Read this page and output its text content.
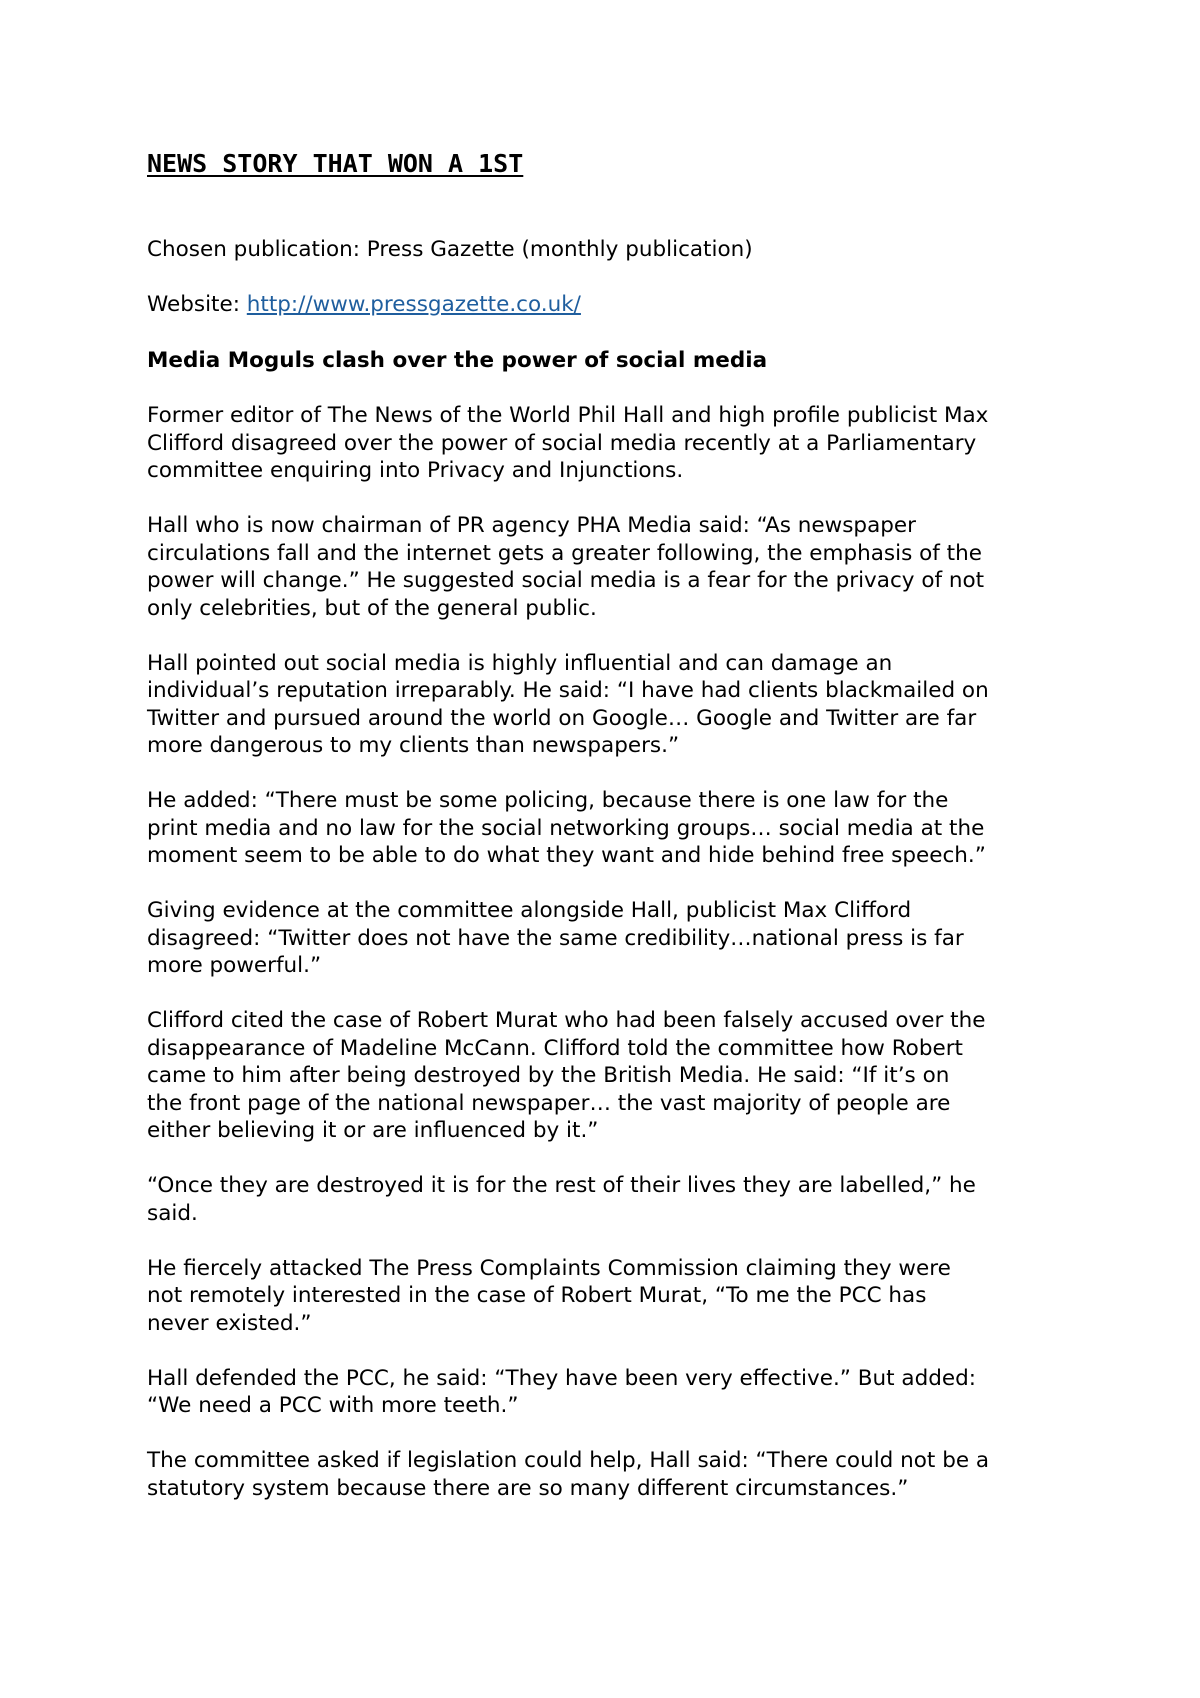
NEWS STORY THAT WON A 1ST

Chosen publication: Press Gazette (monthly publication)

Website: http://www.pressgazette.co.uk/

Media Moguls clash over the power of social media

Former editor of The News of the World Phil Hall and high profile publicist Max
Clifford disagreed over the power of social media recently at a Parliamentary
committee enquiring into Privacy and Injunctions.

Hall who is now chairman of PR agency PHA Media said: “As newspaper
circulations fall and the internet gets a greater following, the emphasis of the
power will change.” He suggested social media is a fear for the privacy of not
only celebrities, but of the general public.

Hall pointed out social media is highly influential and can damage an
individual’s reputation irreparably. He said: “I have had clients blackmailed on
Twitter and pursued around the world on Google… Google and Twitter are far
more dangerous to my clients than newspapers.”

He added: “There must be some policing, because there is one law for the
print media and no law for the social networking groups… social media at the
moment seem to be able to do what they want and hide behind free speech.”

Giving evidence at the committee alongside Hall, publicist Max Clifford
disagreed: “Twitter does not have the same credibility…national press is far
more powerful.”

Clifford cited the case of Robert Murat who had been falsely accused over the
disappearance of Madeline McCann. Clifford told the committee how Robert
came to him after being destroyed by the British Media. He said: “If it’s on
the front page of the national newspaper… the vast majority of people are
either believing it or are influenced by it.”

“Once they are destroyed it is for the rest of their lives they are labelled,” he
said.

He fiercely attacked The Press Complaints Commission claiming they were
not remotely interested in the case of Robert Murat, “To me the PCC has
never existed.”

Hall defended the PCC, he said: “They have been very effective.” But added:
“We need a PCC with more teeth.”

The committee asked if legislation could help, Hall said: “There could not be a
statutory system because there are so many different circumstances.”
